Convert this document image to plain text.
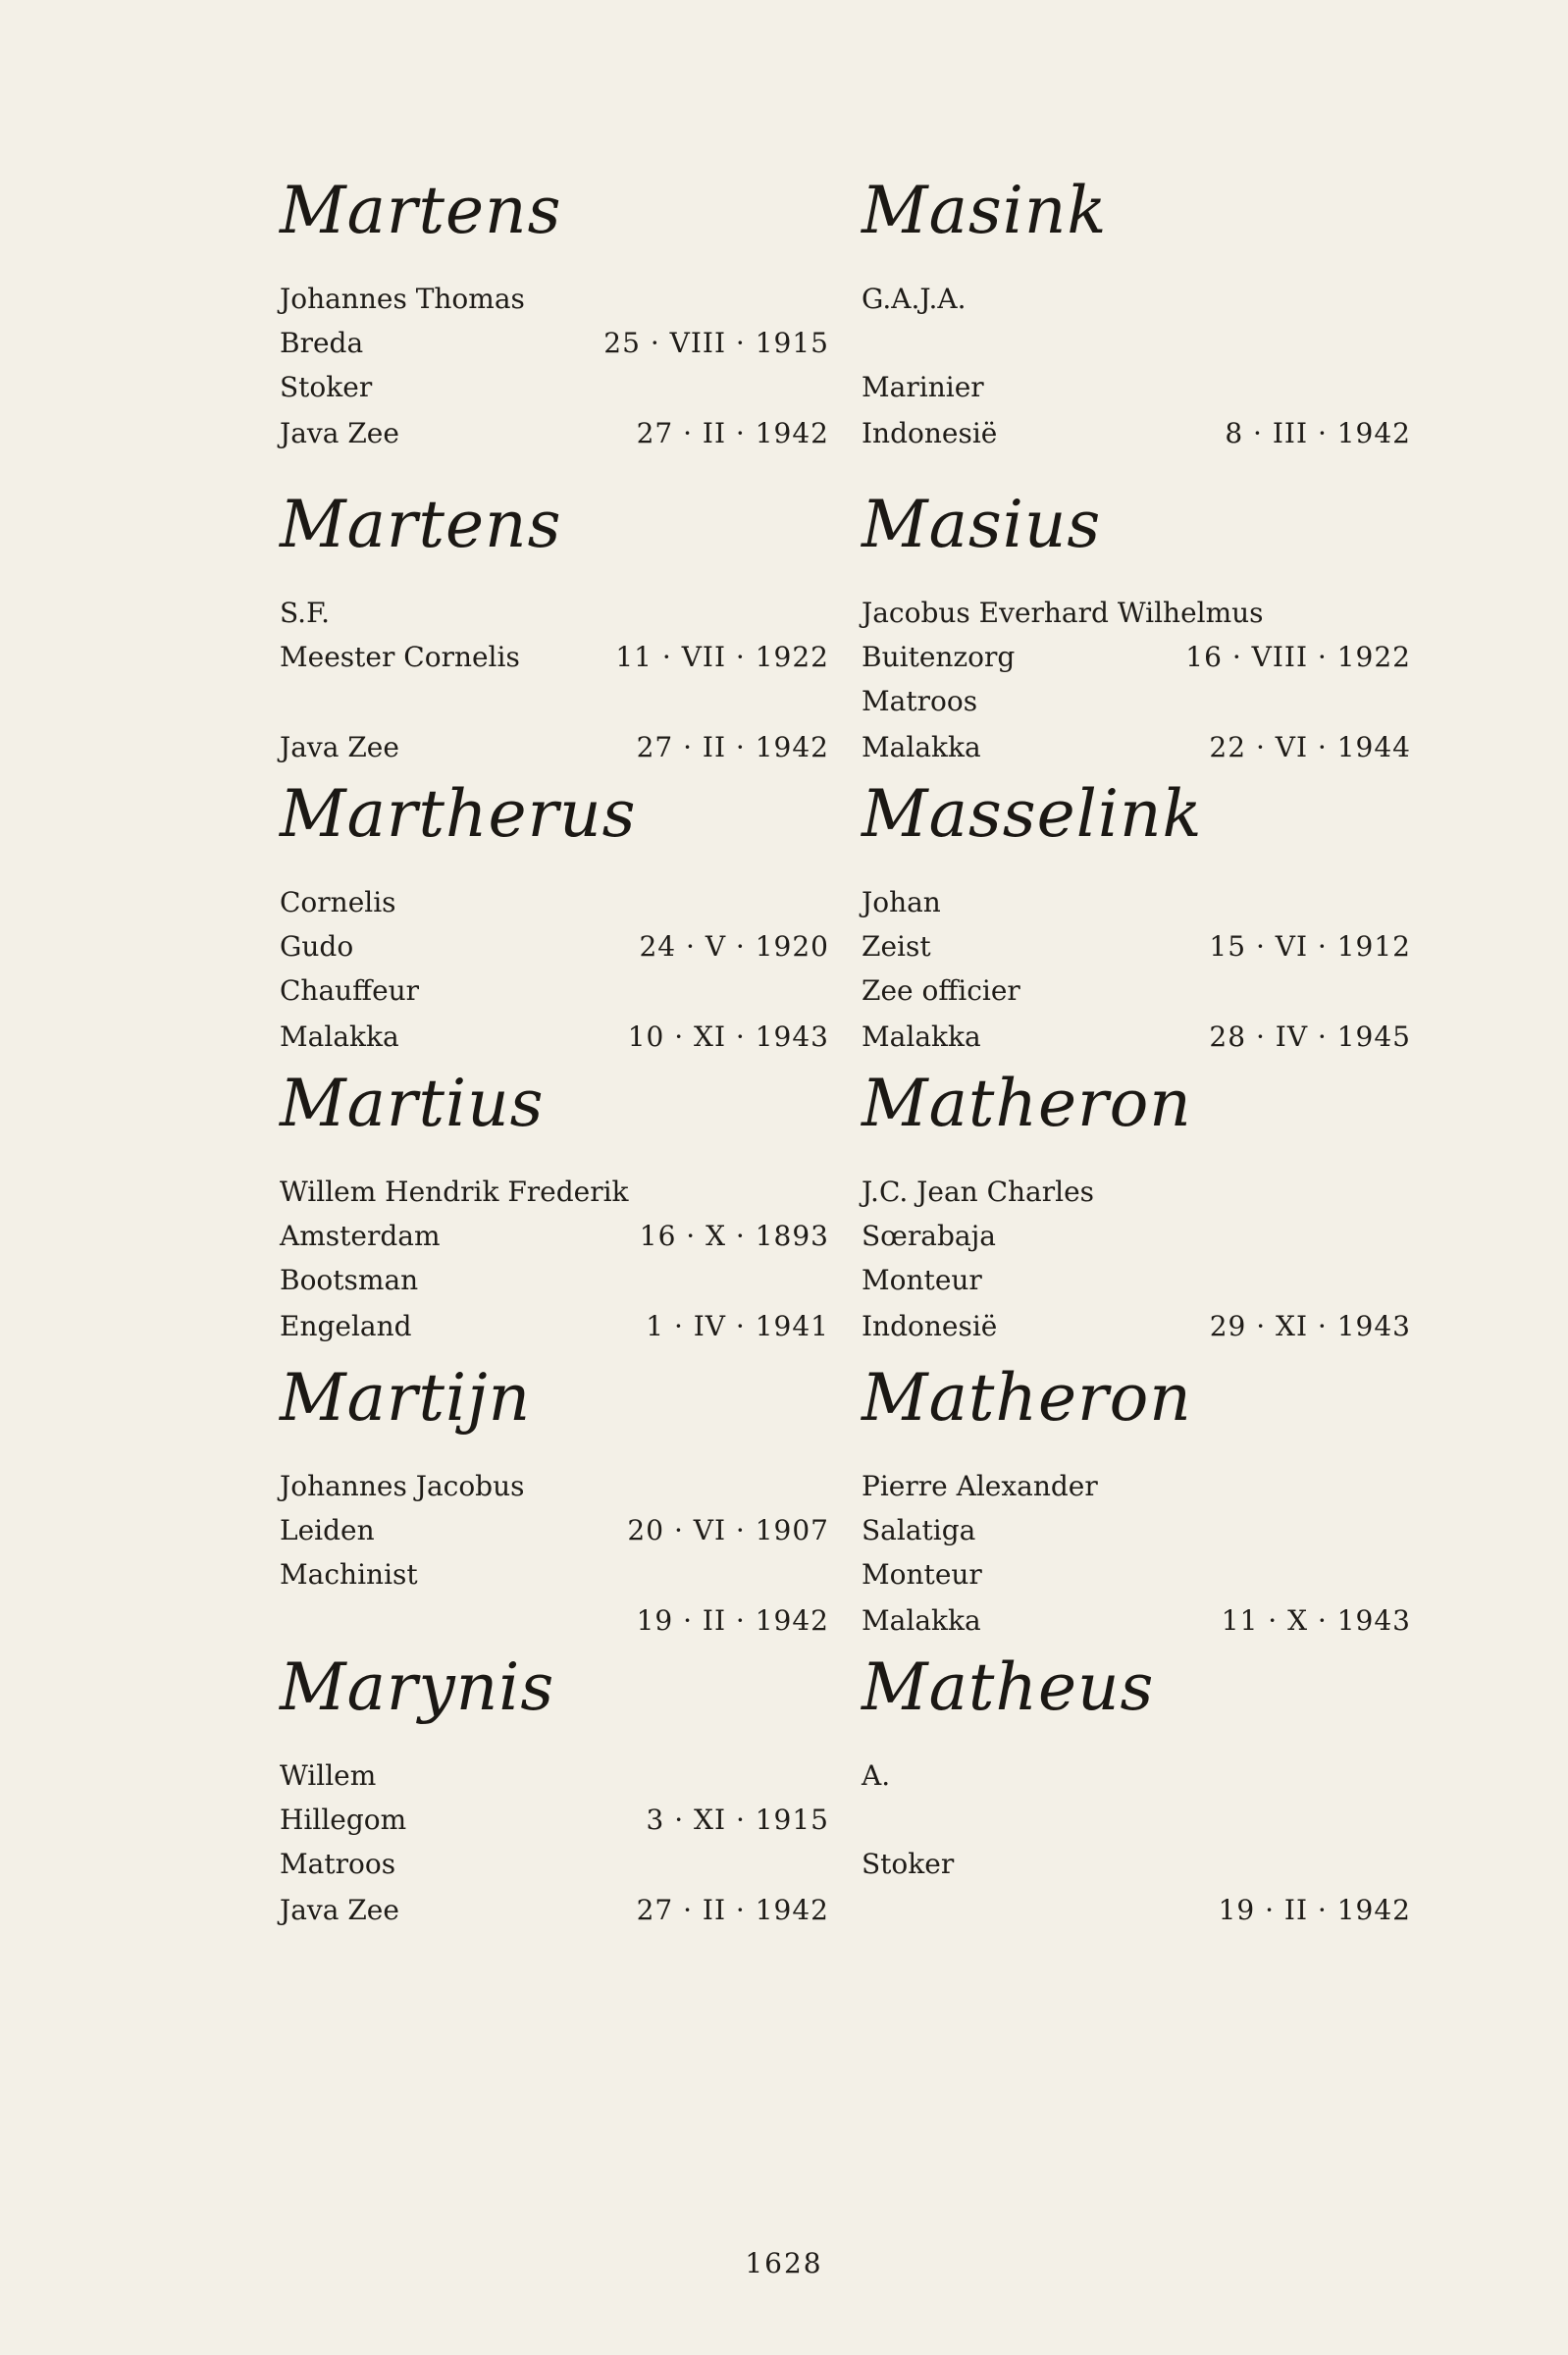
Martens
Johannes Thomas
Breda	25 · VIII · 1915
Stoker
Java Zee	27 · II · 1942
Martens
S.F.
Meester Cornelis	11 · VII · 1922
Java Zee	27 · II · 1942
Martherus
Cornelis
Gudo	24 · V · 1920
Chauffeur
Malakka	10 · XI · 1943
Martius
Willem Hendrik Frederik
Amsterdam	16 · X · 1893
Bootsman
Engeland	1 · IV · 1941
Martijn
Johannes Jacobus
Leiden	20 · VI · 1907
Machinist
19 · II · 1942
Marynis
Willem
Hillegom	3 · XI · 1915
Matroos
Java Zee	27 · II · 1942
Masink
G.A.J.A.
Marinier
Indonesië	8 · III · 1942
Masius
Jacobus Everhard Wilhelmus
Buitenzorg	16 · VIII · 1922
Matroos
Malakka	22 · VI · 1944
Masselink
Johan
Zeist	15 · VI · 1912
Zee officier
Malakka	28 · IV · 1945
Matheron
J.C. Jean Charles
Sœrabaja
Monteur
Indonesië	29 · XI · 1943
Matheron
Pierre Alexander
Salatiga
Monteur
Malakka	11 · X · 1943
Matheus
A.
Stoker
19 · II · 1942
1628
